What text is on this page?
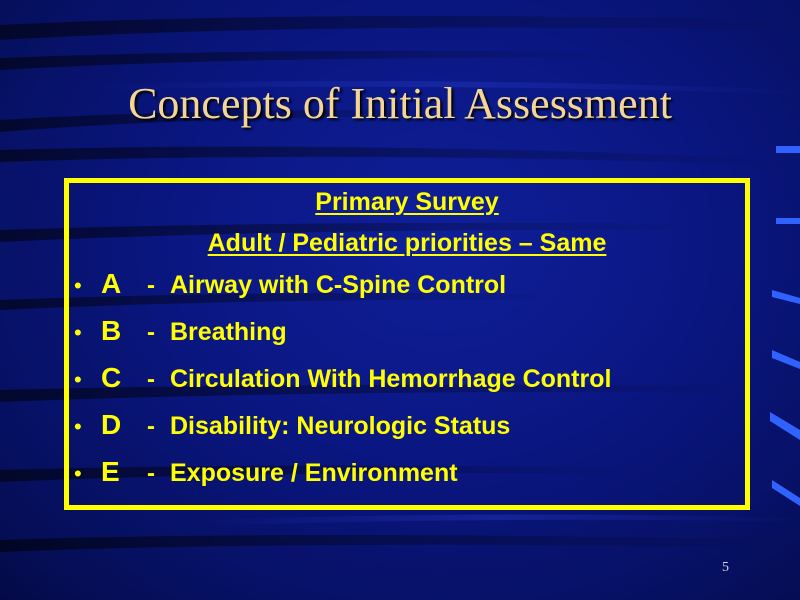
Concepts of Initial Assessment
Primary Survey
Adult / Pediatric priorities – Same
• A - Airway with C-Spine Control
• B - Breathing
• C - Circulation With Hemorrhage Control
• D - Disability: Neurologic Status
• E - Exposure / Environment
5
